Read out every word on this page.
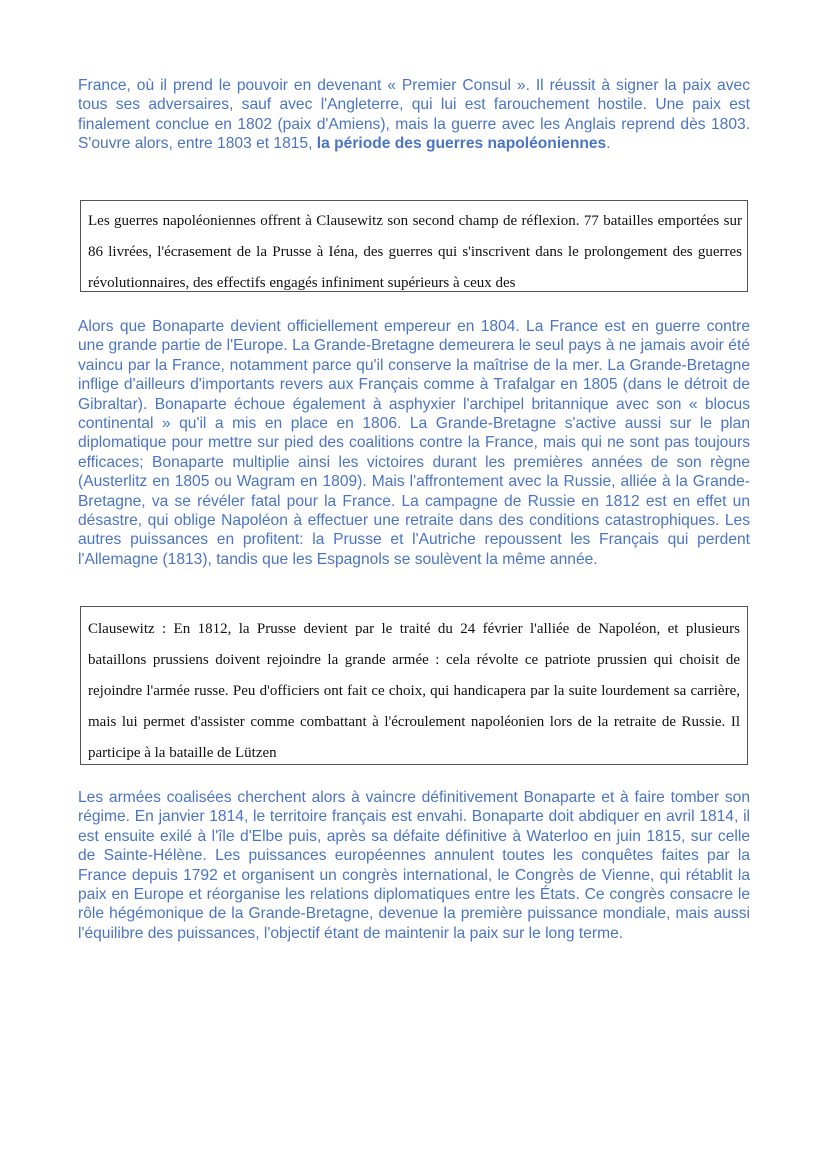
France, où il prend le pouvoir en devenant « Premier Consul ». Il réussit à signer la paix avec tous ses adversaires, sauf avec l'Angleterre, qui lui est farouchement hostile. Une paix est finalement conclue en 1802 (paix d'Amiens), mais la guerre avec les Anglais reprend dès 1803. S'ouvre alors, entre 1803 et 1815, la période des guerres napoléoniennes.

Les guerres napoléoniennes offrent à Clausewitz son second champ de réflexion. 77 batailles emportées sur 86 livrées, l'écrasement de la Prusse à Iéna, des guerres qui s'inscrivent dans le prolongement des guerres révolutionnaires, des effectifs engagés infiniment supérieurs à ceux des

Alors que Bonaparte devient officiellement empereur en 1804. La France est en guerre contre une grande partie de l'Europe. La Grande-Bretagne demeurera le seul pays à ne jamais avoir été vaincu par la France, notamment parce qu'il conserve la maîtrise de la mer. La Grande-Bretagne inflige d'ailleurs d'importants revers aux Français comme à Trafalgar en 1805 (dans le détroit de Gibraltar). Bonaparte échoue également à asphyxier l'archipel britannique avec son « blocus continental » qu'il a mis en place en 1806. La Grande-Bretagne s'active aussi sur le plan diplomatique pour mettre sur pied des coalitions contre la France, mais qui ne sont pas toujours efficaces; Bonaparte multiplie ainsi les victoires durant les premières années de son règne (Austerlitz en 1805 ou Wagram en 1809). Mais l'affrontement avec la Russie, alliée à la Grande-Bretagne, va se révéler fatal pour la France. La campagne de Russie en 1812 est en effet un désastre, qui oblige Napoléon à effectuer une retraite dans des conditions catastrophiques. Les autres puissances en profitent: la Prusse et l'Autriche repoussent les Français qui perdent l'Allemagne (1813), tandis que les Espagnols se soulèvent la même année.

Clausewitz : En 1812, la Prusse devient par le traité du 24 février l'alliée de Napoléon, et plusieurs bataillons prussiens doivent rejoindre la grande armée : cela révolte ce patriote prussien qui choisit de rejoindre l'armée russe. Peu d'officiers ont fait ce choix, qui handicapera par la suite lourdement sa carrière, mais lui permet d'assister comme combattant à l'écroulement napoléonien lors de la retraite de Russie. Il participe à la bataille de Lützen

Les armées coalisées cherchent alors à vaincre définitivement Bonaparte et à faire tomber son régime. En janvier 1814, le territoire français est envahi. Bonaparte doit abdiquer en avril 1814, il est ensuite exilé à l'île d'Elbe puis, après sa défaite définitive à Waterloo en juin 1815, sur celle de Sainte-Hélène. Les puissances européennes annulent toutes les conquêtes faites par la France depuis 1792 et organisent un congrès international, le Congrès de Vienne, qui rétablit la paix en Europe et réorganise les relations diplomatiques entre les États. Ce congrès consacre le rôle hégémonique de la Grande-Bretagne, devenue la première puissance mondiale, mais aussi l'équilibre des puissances, l'objectif étant de maintenir la paix sur le long terme.
